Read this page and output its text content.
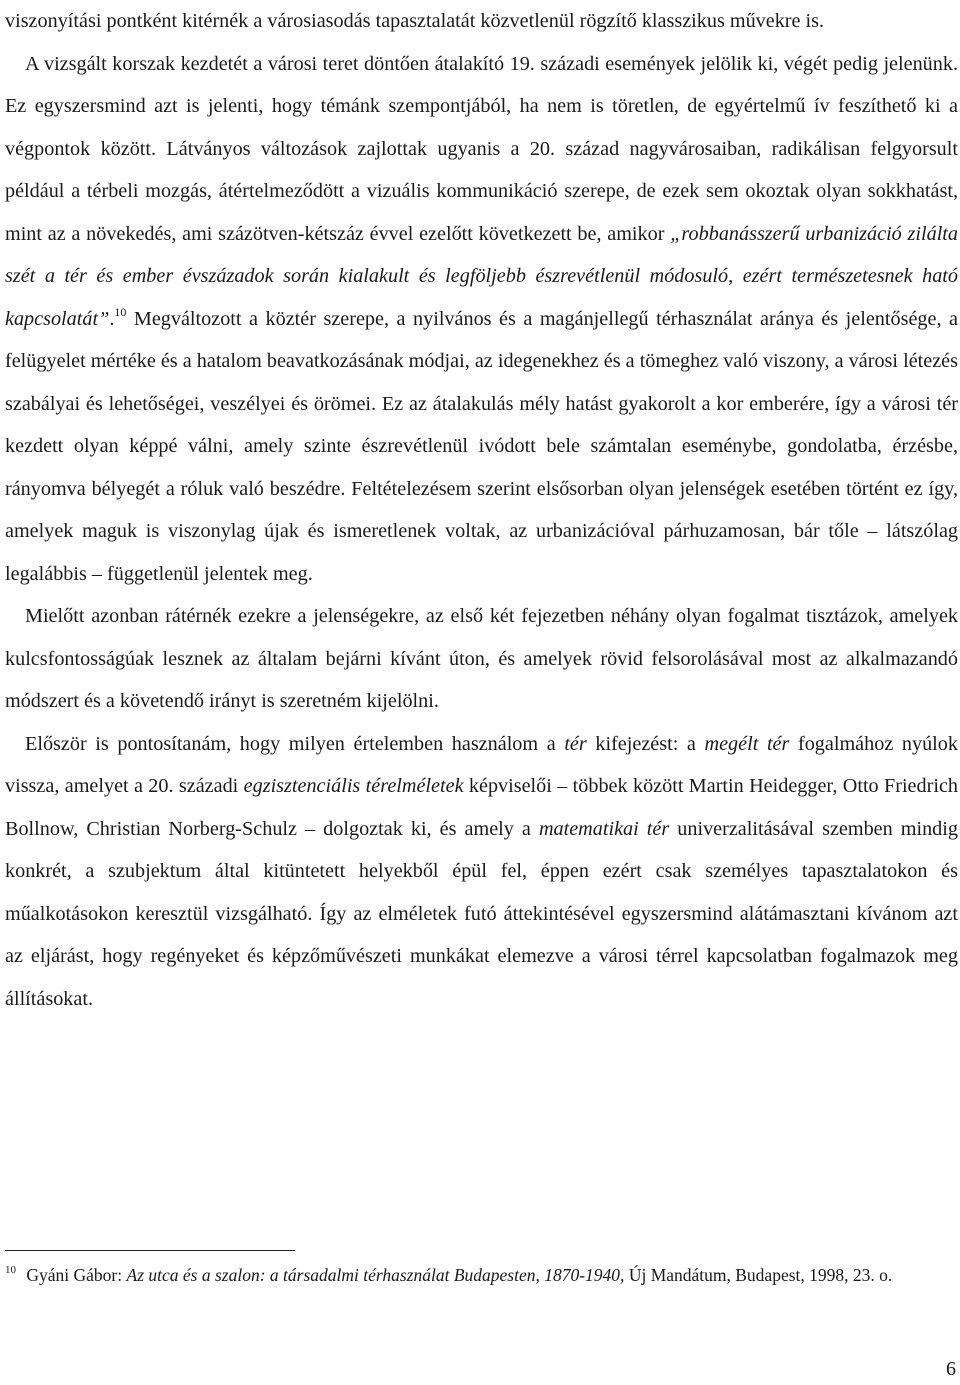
viszonyítási pontként kitérnék a városiasodás tapasztalatát közvetlenül rögzítő klasszikus művekre is.

A vizsgált korszak kezdetét a városi teret döntően átalakító 19. századi események jelölik ki, végét pedig jelenünk. Ez egyszersmind azt is jelenti, hogy témánk szempontjából, ha nem is töretlen, de egyértelmű ív feszíthető ki a végpontok között. Látványos változások zajlottak ugyanis a 20. század nagyvárosaiban, radikálisan felgyorsult például a térbeli mozgás, átértelmeződött a vizuális kommunikáció szerepe, de ezek sem okoztak olyan sokkhatást, mint az a növekedés, ami százötven-kétszáz évvel ezelőtt következett be, amikor „robbanásszerű urbanizáció zilálta szét a tér és ember évszázadok során kialakult és legföljebb észrevétlenül módosuló, ezért természetesnek ható kapcsolatát”.$^{10}$ Megváltozott a köztér szerepe, a nyilvános és a magánjellegű térhasználat aránya és jelentősége, a felügyelet mértéke és a hatalom beavatkozásának módjai, az idegenekhez és a tömeghez való viszony, a városi létezés szabályai és lehetőségei, veszélyei és örömei. Ez az átalakulás mély hatást gyakorolt a kor emberére, így a városi tér kezdett olyan képpé válni, amely szinte észrevétlenül ivódott bele számtalan eseménybe, gondolatba, érzésbe, rányomva bélyegét a róluk való beszédre. Feltételezésem szerint elsősorban olyan jelenségek esetében történt ez így, amelyek maguk is viszonylag újak és ismeretlenek voltak, az urbanizációval párhuzamosan, bár tőle – látszólag legalábbis – függetlenül jelentek meg.

Mielőtt azonban rátérnék ezekre a jelenségekre, az első két fejezetben néhány olyan fogalmat tisztázok, amelyek kulcsfontosságúak lesznek az általam bejárni kívánt úton, és amelyek rövid felsorolásával most az alkalmazandó módszert és a követendő irányt is szeretném kijelölni.

Először is pontosítanám, hogy milyen értelemben használom a tér kifejezést: a megélt tér fogalmához nyúlok vissza, amelyet a 20. századi egzisztenciális térelméletek képviselői – többek között Martin Heidegger, Otto Friedrich Bollnow, Christian Norberg-Schulz – dolgoztak ki, és amely a matematikai tér univerzalitásával szemben mindig konkrét, a szubjektum által kitüntetett helyekből épül fel, éppen ezért csak személyes tapasztalatokon és műalkotásokon keresztül vizsgálható. Így az elméletek futó áttekintésével egyszersmind alátámasztani kívánom azt az eljárást, hogy regényeket és képzőművészeti munkákat elemezve a városi térrel kapcsolatban fogalmazok meg állításokat.

$^{10}$ Gyáni Gábor: Az utca és a szalon: a társadalmi térhasználat Budapesten, 1870-1940, Új Mandátum, Budapest, 1998, 23. o.
6
